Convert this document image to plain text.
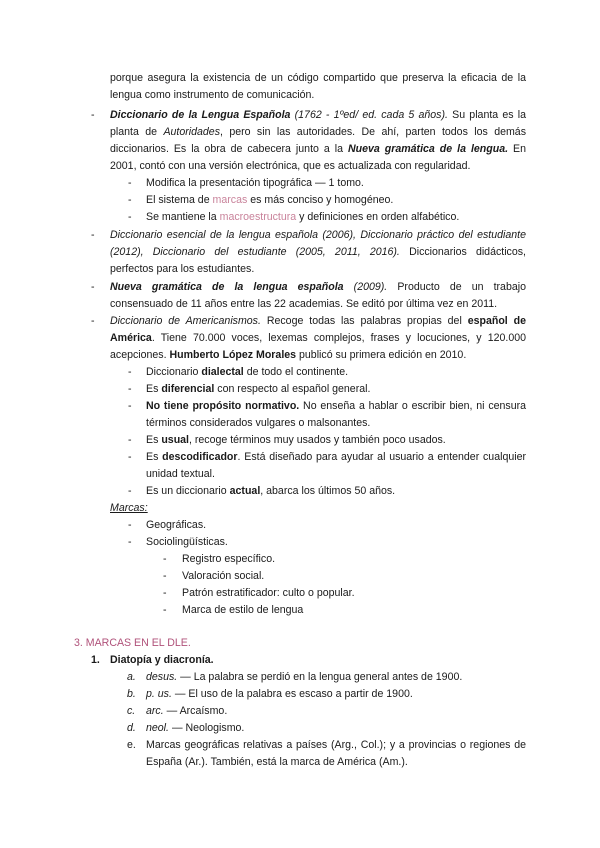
porque asegura la existencia de un código compartido que preserva la eficacia de la
lengua como instrumento de comunicación.
- Diccionario de la Lengua Española (1762 - 1ºed/ ed. cada 5 años). Su planta es la
planta de Autoridades, pero sin las autoridades. De ahí, parten todos los demás
diccionarios. Es la obra de cabecera junto a la Nueva gramática de la lengua. En
2001, contó con una versión electrónica, que es actualizada con regularidad.
- Modifica la presentación tipográfica — 1 tomo.
- El sistema de marcas es más conciso y homogéneo.
- Se mantiene la macroestructura y definiciones en orden alfabético.
- Diccionario esencial de la lengua española (2006), Diccionario práctico del estudiante
(2012), Diccionario del estudiante (2005, 2011, 2016). Diccionarios didácticos,
perfectos para los estudiantes.
- Nueva gramática de la lengua española (2009). Producto de un trabajo
consensuado de 11 años entre las 22 academias. Se editó por última vez en 2011.
- Diccionario de Americanismos. Recoge todas las palabras propias del español de
América. Tiene 70.000 voces, lexemas complejos, frases y locuciones, y 120.000
acepciones. Humberto López Morales publicó su primera edición en 2010.
- Diccionario dialectal de todo el continente.
- Es diferencial con respecto al español general.
- No tiene propósito normativo. No enseña a hablar o escribir bien, ni censura
términos considerados vulgares o malsonantes.
- Es usual, recoge términos muy usados y también poco usados.
- Es descodificador. Está diseñado para ayudar al usuario a entender cualquier
unidad textual.
- Es un diccionario actual, abarca los últimos 50 años.
Marcas:
- Geográficas.
- Sociolingüísticas.
- Registro específico.
- Valoración social.
- Patrón estratificador: culto o popular.
- Marca de estilo de lengua
3. MARCAS EN EL DLE.
1. Diatopía y diacronía.
a. desus. — La palabra se perdió en la lengua general antes de 1900.
b. p. us. — El uso de la palabra es escaso a partir de 1900.
c. arc. — Arcaísmo.
d. neol. — Neologismo.
e. Marcas geográficas relativas a países (Arg., Col.); y a provincias o regiones de
España (Ar.). También, está la marca de América (Am.).
